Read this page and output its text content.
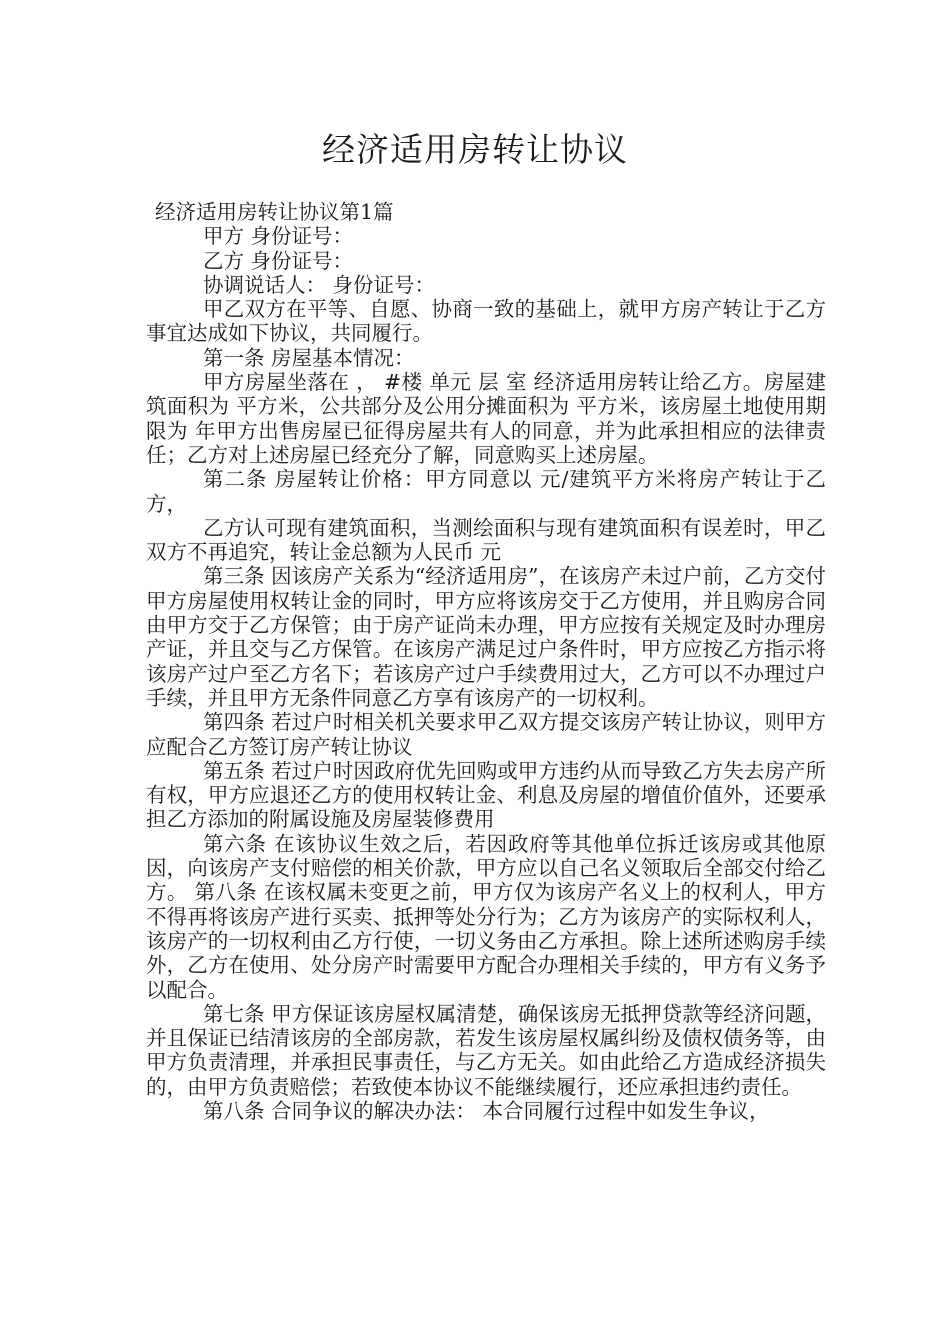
经济适用房转让协议

经济适用房转让协议第1篇

甲方 身份证号：

乙方 身份证号：

协调说话人： 身份证号：

甲乙双方在平等、自愿、协商一致的基础上，就甲方房产转让于乙方事宜达成如下协议，共同履行。

第一条 房屋基本情况：

甲方房屋坐落在 ， #楼 单元 层 室 经济适用房转让给乙方。房屋建筑面积为 平方米，公共部分及公用分摊面积为 平方米，该房屋土地使用期限为 年甲方出售房屋已征得房屋共有人的同意，并为此承担相应的法律责任；乙方对上述房屋已经充分了解，同意购买上述房屋。

第二条 房屋转让价格：甲方同意以 元/建筑平方米将房产转让于乙方，

乙方认可现有建筑面积，当测绘面积与现有建筑面积有误差时，甲乙双方不再追究，转让金总额为人民币 元

第三条 因该房产关系为“经济适用房”，在该房产未过户前，乙方交付甲方房屋使用权转让金的同时，甲方应将该房交于乙方使用，并且购房合同由甲方交于乙方保管；由于房产证尚未办理，甲方应按有关规定及时办理房产证，并且交与乙方保管。在该房产满足过户条件时，甲方应按乙方指示将该房产过户至乙方名下；若该房产过户手续费用过大，乙方可以不办理过户手续，并且甲方无条件同意乙方享有该房产的一切权利。

第四条 若过户时相关机关要求甲乙双方提交该房产转让协议，则甲方应配合乙方签订房产转让协议

第五条 若过户时因政府优先回购或甲方违约从而导致乙方失去房产所有权，甲方应退还乙方的使用权转让金、利息及房屋的增值价值外，还要承担乙方添加的附属设施及房屋装修费用

第六条 在该协议生效之后，若因政府等其他单位拆迁该房或其他原因，向该房产支付赔偿的相关价款，甲方应以自己名义领取后全部交付给乙方。 第八条 在该权属未变更之前，甲方仅为该房产名义上的权利人，甲方不得再将该房产进行买卖、抵押等处分行为；乙方为该房产的实际权利人，该房产的一切权利由乙方行使，一切义务由乙方承担。除上述所述购房手续外，乙方在使用、处分房产时需要甲方配合办理相关手续的，甲方有义务予以配合。

第七条 甲方保证该房屋权属清楚，确保该房无抵押贷款等经济问题，并且保证已结清该房的全部房款，若发生该房屋权属纠纷及债权债务等，由甲方负责清理，并承担民事责任，与乙方无关。如由此给乙方造成经济损失的，由甲方负责赔偿；若致使本协议不能继续履行，还应承担违约责任。

第八条 合同争议的解决办法： 本合同履行过程中如发生争议，
